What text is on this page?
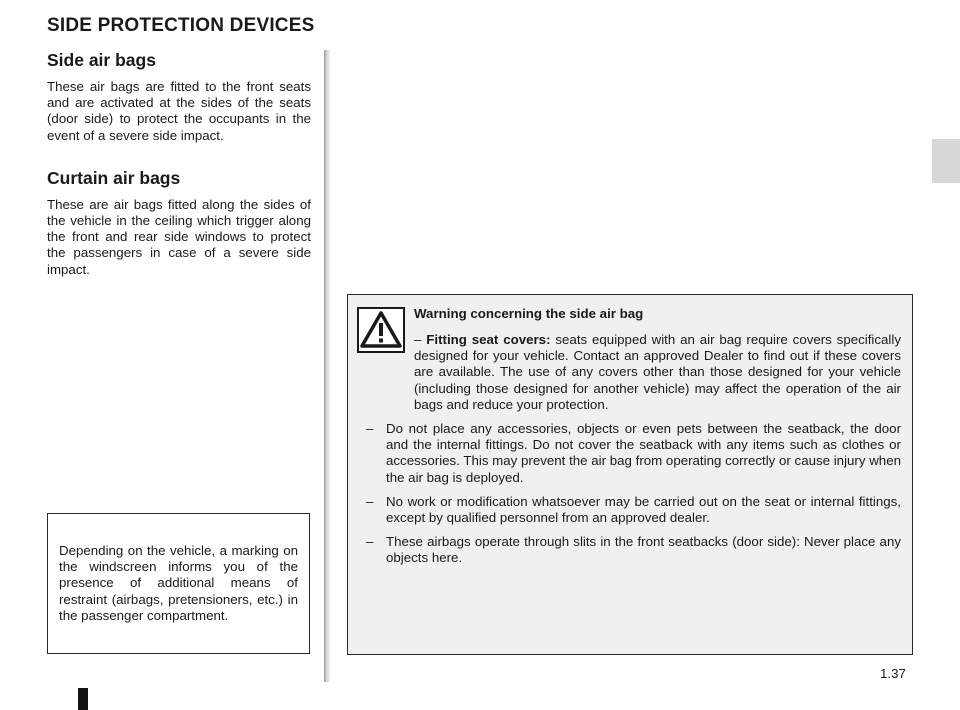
SIDE PROTECTION DEVICES
Side air bags

These air bags are fitted to the front seats and are activated at the sides of the seats (door side) to protect the occupants in the event of a severe side impact.

Curtain air bags

These are air bags fitted along the sides of the vehicle in the ceiling which trigger along the front and rear side windows to protect the passengers in case of a severe side impact.

Depending on the vehicle, a marking on the windscreen informs you of the presence of additional means of restraint (airbags, pretensioners, etc.) in the passenger compartment.

Warning concerning the side air bag

– Fitting seat covers: seats equipped with an air bag require covers specifically designed for your vehicle. Contact an approved Dealer to find out if these covers are available. The use of any covers other than those designed for your vehicle (including those designed for another vehicle) may affect the operation of the air bags and reduce your protection.
– Do not place any accessories, objects or even pets between the seatback, the door and the internal fittings. Do not cover the seatback with any items such as clothes or accessories. This may prevent the air bag from operating correctly or cause injury when the air bag is deployed.
– No work or modification whatsoever may be carried out on the seat or internal fittings, except by qualified personnel from an approved dealer.
– These airbags operate through slits in the front seatbacks (door side): Never place any objects here.

1.37
